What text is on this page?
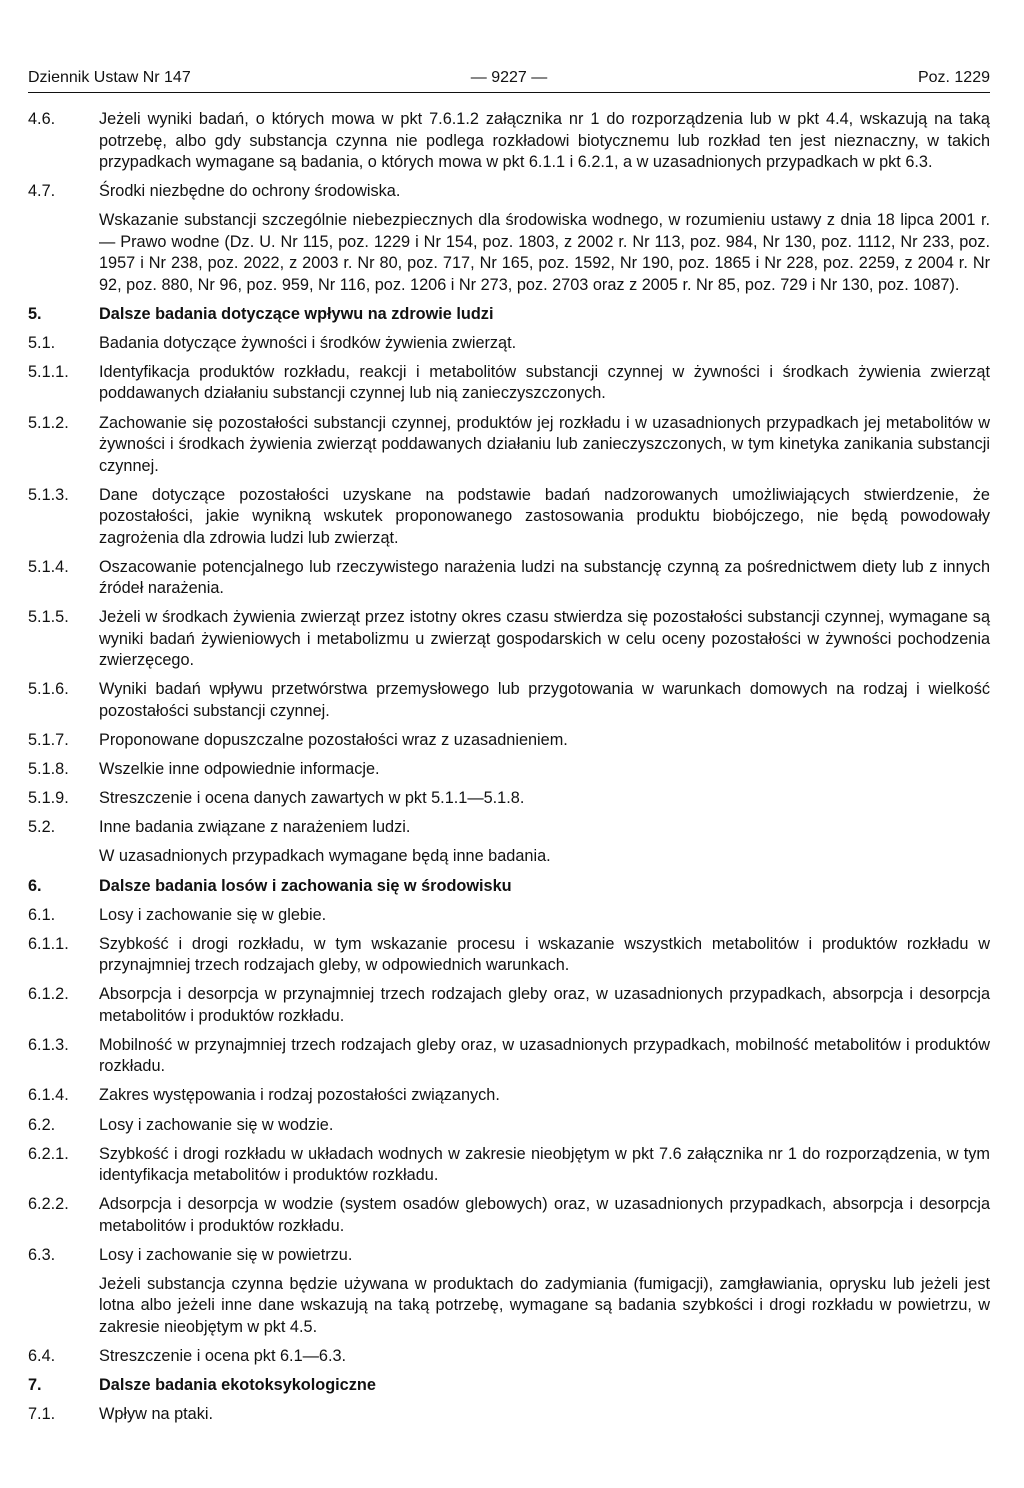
Dziennik Ustaw Nr 147	— 9227 —	Poz. 1229
4.6.	Jeżeli wyniki badań, o których mowa w pkt 7.6.1.2 załącznika nr 1 do rozporządzenia lub w pkt 4.4, wskazują na taką potrzebę, albo gdy substancja czynna nie podlega rozkładowi biotycznemu lub rozkład ten jest nieznaczny, w takich przypadkach wymagane są badania, o których mowa w pkt 6.1.1 i 6.2.1, a w uzasadnionych przypadkach w pkt 6.3.
4.7.	Środki niezbędne do ochrony środowiska.
Wskazanie substancji szczególnie niebezpiecznych dla środowiska wodnego, w rozumieniu ustawy z dnia 18 lipca 2001 r. — Prawo wodne (Dz. U. Nr 115, poz. 1229 i Nr 154, poz. 1803, z 2002 r. Nr 113, poz. 984, Nr 130, poz. 1112, Nr 233, poz. 1957 i Nr 238, poz. 2022, z 2003 r. Nr 80, poz. 717, Nr 165, poz. 1592, Nr 190, poz. 1865 i Nr 228, poz. 2259, z 2004 r. Nr 92, poz. 880, Nr 96, poz. 959, Nr 116, poz. 1206 i Nr 273, poz. 2703 oraz z 2005 r. Nr 85, poz. 729 i Nr 130, poz. 1087).
5.	Dalsze badania dotyczące wpływu na zdrowie ludzi
5.1.	Badania dotyczące żywności i środków żywienia zwierząt.
5.1.1.	Identyfikacja produktów rozkładu, reakcji i metabolitów substancji czynnej w żywności i środkach żywienia zwierząt poddawanych działaniu substancji czynnej lub nią zanieczyszczonych.
5.1.2.	Zachowanie się pozostałości substancji czynnej, produktów jej rozkładu i w uzasadnionych przypadkach jej metabolitów w żywności i środkach żywienia zwierząt poddawanych działaniu lub zanieczyszczonych, w tym kinetyka zanikania substancji czynnej.
5.1.3.	Dane dotyczące pozostałości uzyskane na podstawie badań nadzorowanych umożliwiających stwierdzenie, że pozostałości, jakie wynikną wskutek proponowanego zastosowania produktu biobójczego, nie będą powodowały zagrożenia dla zdrowia ludzi lub zwierząt.
5.1.4.	Oszacowanie potencjalnego lub rzeczywistego narażenia ludzi na substancję czynną za pośrednictwem diety lub z innych źródeł narażenia.
5.1.5.	Jeżeli w środkach żywienia zwierząt przez istotny okres czasu stwierdza się pozostałości substancji czynnej, wymagane są wyniki badań żywieniowych i metabolizmu u zwierząt gospodarskich w celu oceny pozostałości w żywności pochodzenia zwierzęcego.
5.1.6.	Wyniki badań wpływu przetwórstwa przemysłowego lub przygotowania w warunkach domowych na rodzaj i wielkość pozostałości substancji czynnej.
5.1.7.	Proponowane dopuszczalne pozostałości wraz z uzasadnieniem.
5.1.8.	Wszelkie inne odpowiednie informacje.
5.1.9.	Streszczenie i ocena danych zawartych w pkt 5.1.1—5.1.8.
5.2.	Inne badania związane z narażeniem ludzi.
W uzasadnionych przypadkach wymagane będą inne badania.
6.	Dalsze badania losów i zachowania się w środowisku
6.1.	Losy i zachowanie się w glebie.
6.1.1.	Szybkość i drogi rozkładu, w tym wskazanie procesu i wskazanie wszystkich metabolitów i produktów rozkładu w przynajmniej trzech rodzajach gleby, w odpowiednich warunkach.
6.1.2.	Absorpcja i desorpcja w przynajmniej trzech rodzajach gleby oraz, w uzasadnionych przypadkach, absorpcja i desorpcja metabolitów i produktów rozkładu.
6.1.3.	Mobilność w przynajmniej trzech rodzajach gleby oraz, w uzasadnionych przypadkach, mobilność metabolitów i produktów rozkładu.
6.1.4.	Zakres występowania i rodzaj pozostałości związanych.
6.2.	Losy i zachowanie się w wodzie.
6.2.1.	Szybkość i drogi rozkładu w układach wodnych w zakresie nieobjętym w pkt 7.6 załącznika nr 1 do rozporządzenia, w tym identyfikacja metabolitów i produktów rozkładu.
6.2.2.	Adsorpcja i desorpcja w wodzie (system osadów glebowych) oraz, w uzasadnionych przypadkach, absorpcja i desorpcja metabolitów i produktów rozkładu.
6.3.	Losy i zachowanie się w powietrzu.
Jeżeli substancja czynna będzie używana w produktach do zadymiania (fumigacji), zamgławiania, oprysku lub jeżeli jest lotna albo jeżeli inne dane wskazują na taką potrzebę, wymagane są badania szybkości i drogi rozkładu w powietrzu, w zakresie nieobjętym w pkt 4.5.
6.4.	Streszczenie i ocena pkt 6.1—6.3.
7.	Dalsze badania ekotoksykologiczne
7.1.	Wpływ na ptaki.
